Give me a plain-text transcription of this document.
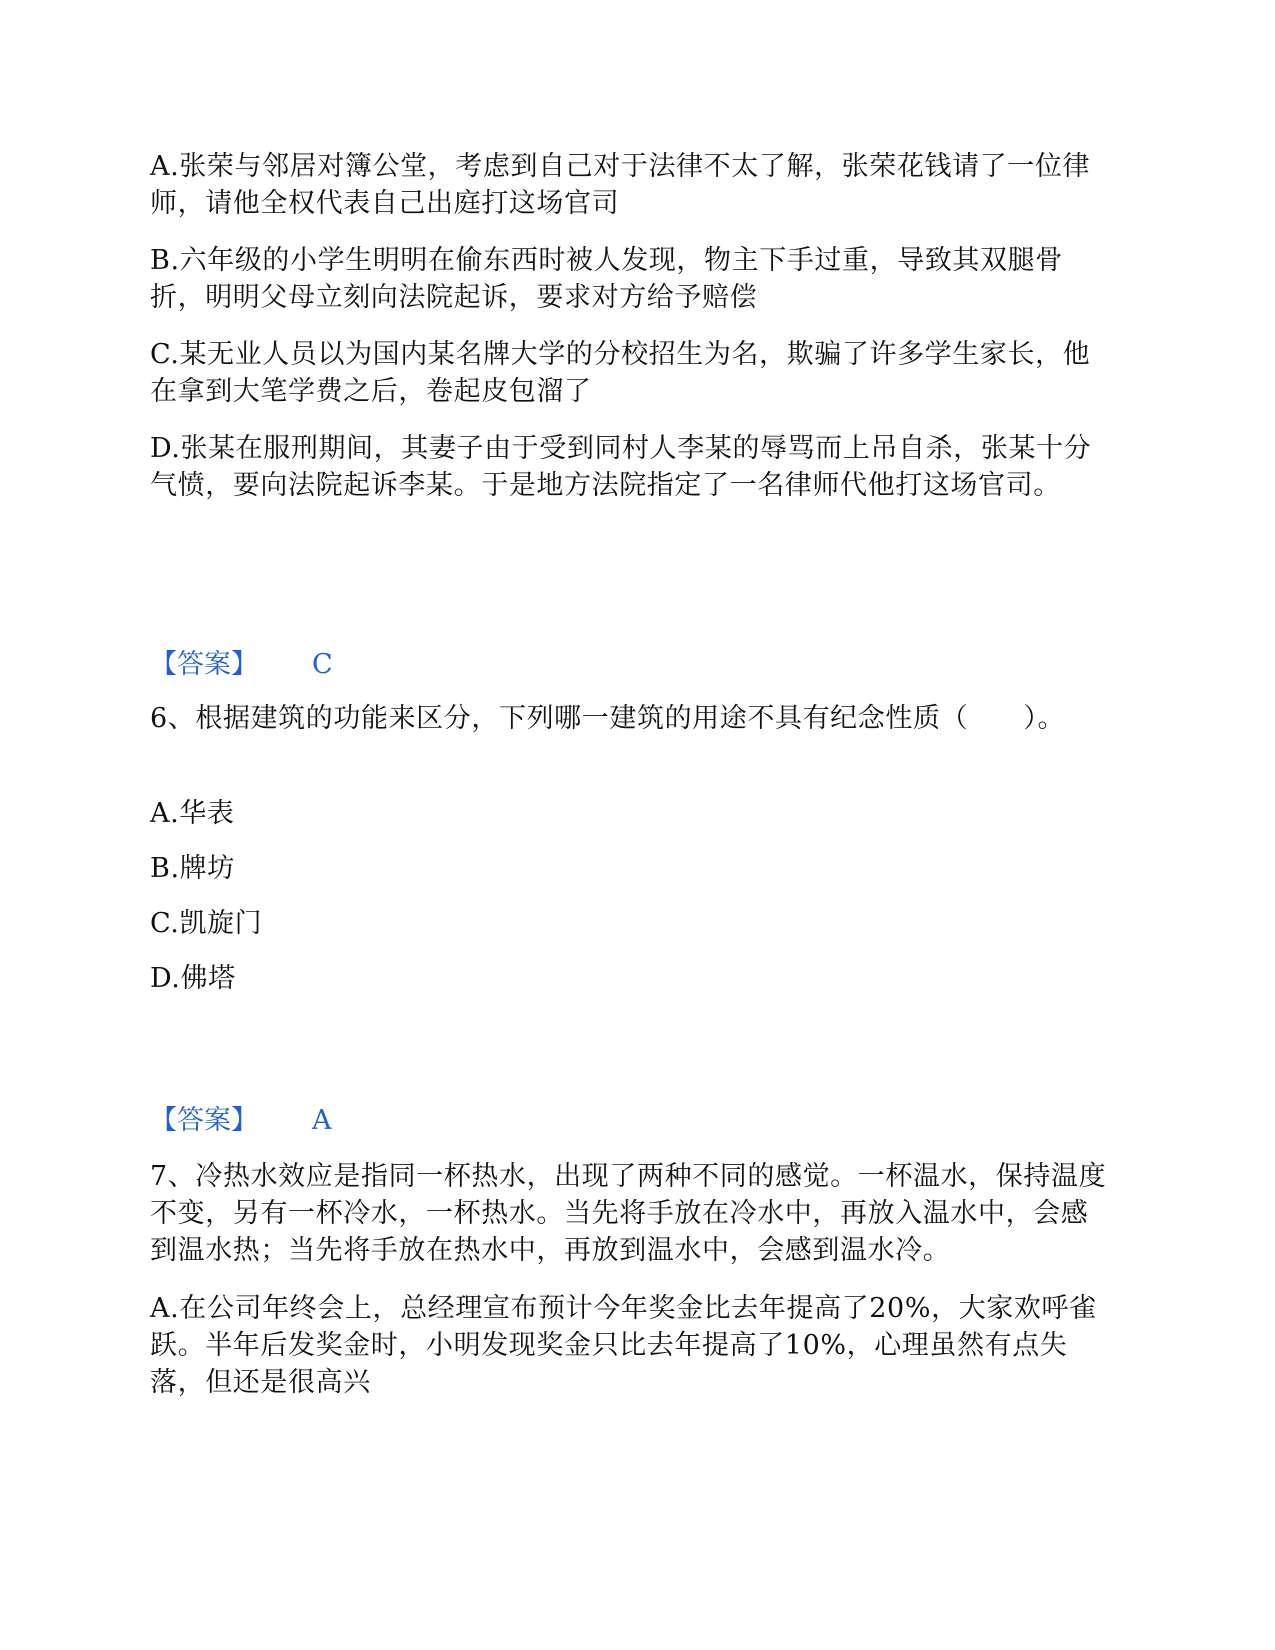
A.张荣与邻居对簿公堂，考虑到自己对于法律不太了解，张荣花钱请了一位律师，请他全权代表自己出庭打这场官司

B.六年级的小学生明明在偷东西时被人发现，物主下手过重，导致其双腿骨折，明明父母立刻向法院起诉，要求对方给予赔偿

C.某无业人员以为国内某名牌大学的分校招生为名，欺骗了许多学生家长，他在拿到大笔学费之后，卷起皮包溜了

D.张某在服刑期间，其妻子由于受到同村人李某的辱骂而上吊自杀，张某十分气愤，要向法院起诉李某。于是地方法院指定了一名律师代他打这场官司。

【答案】 C

6、根据建筑的功能来区分，下列哪一建筑的用途不具有纪念性质（　　）。

A.华表

B.牌坊

C.凯旋门

D.佛塔

【答案】 A

7、冷热水效应是指同一杯热水，出现了两种不同的感觉。一杯温水，保持温度不变，另有一杯冷水，一杯热水。当先将手放在冷水中，再放入温水中，会感到温水热；当先将手放在热水中，再放到温水中，会感到温水冷。

A.在公司年终会上，总经理宣布预计今年奖金比去年提高了20%，大家欢呼雀跃。半年后发奖金时，小明发现奖金只比去年提高了10%，心理虽然有点失落，但还是很高兴
